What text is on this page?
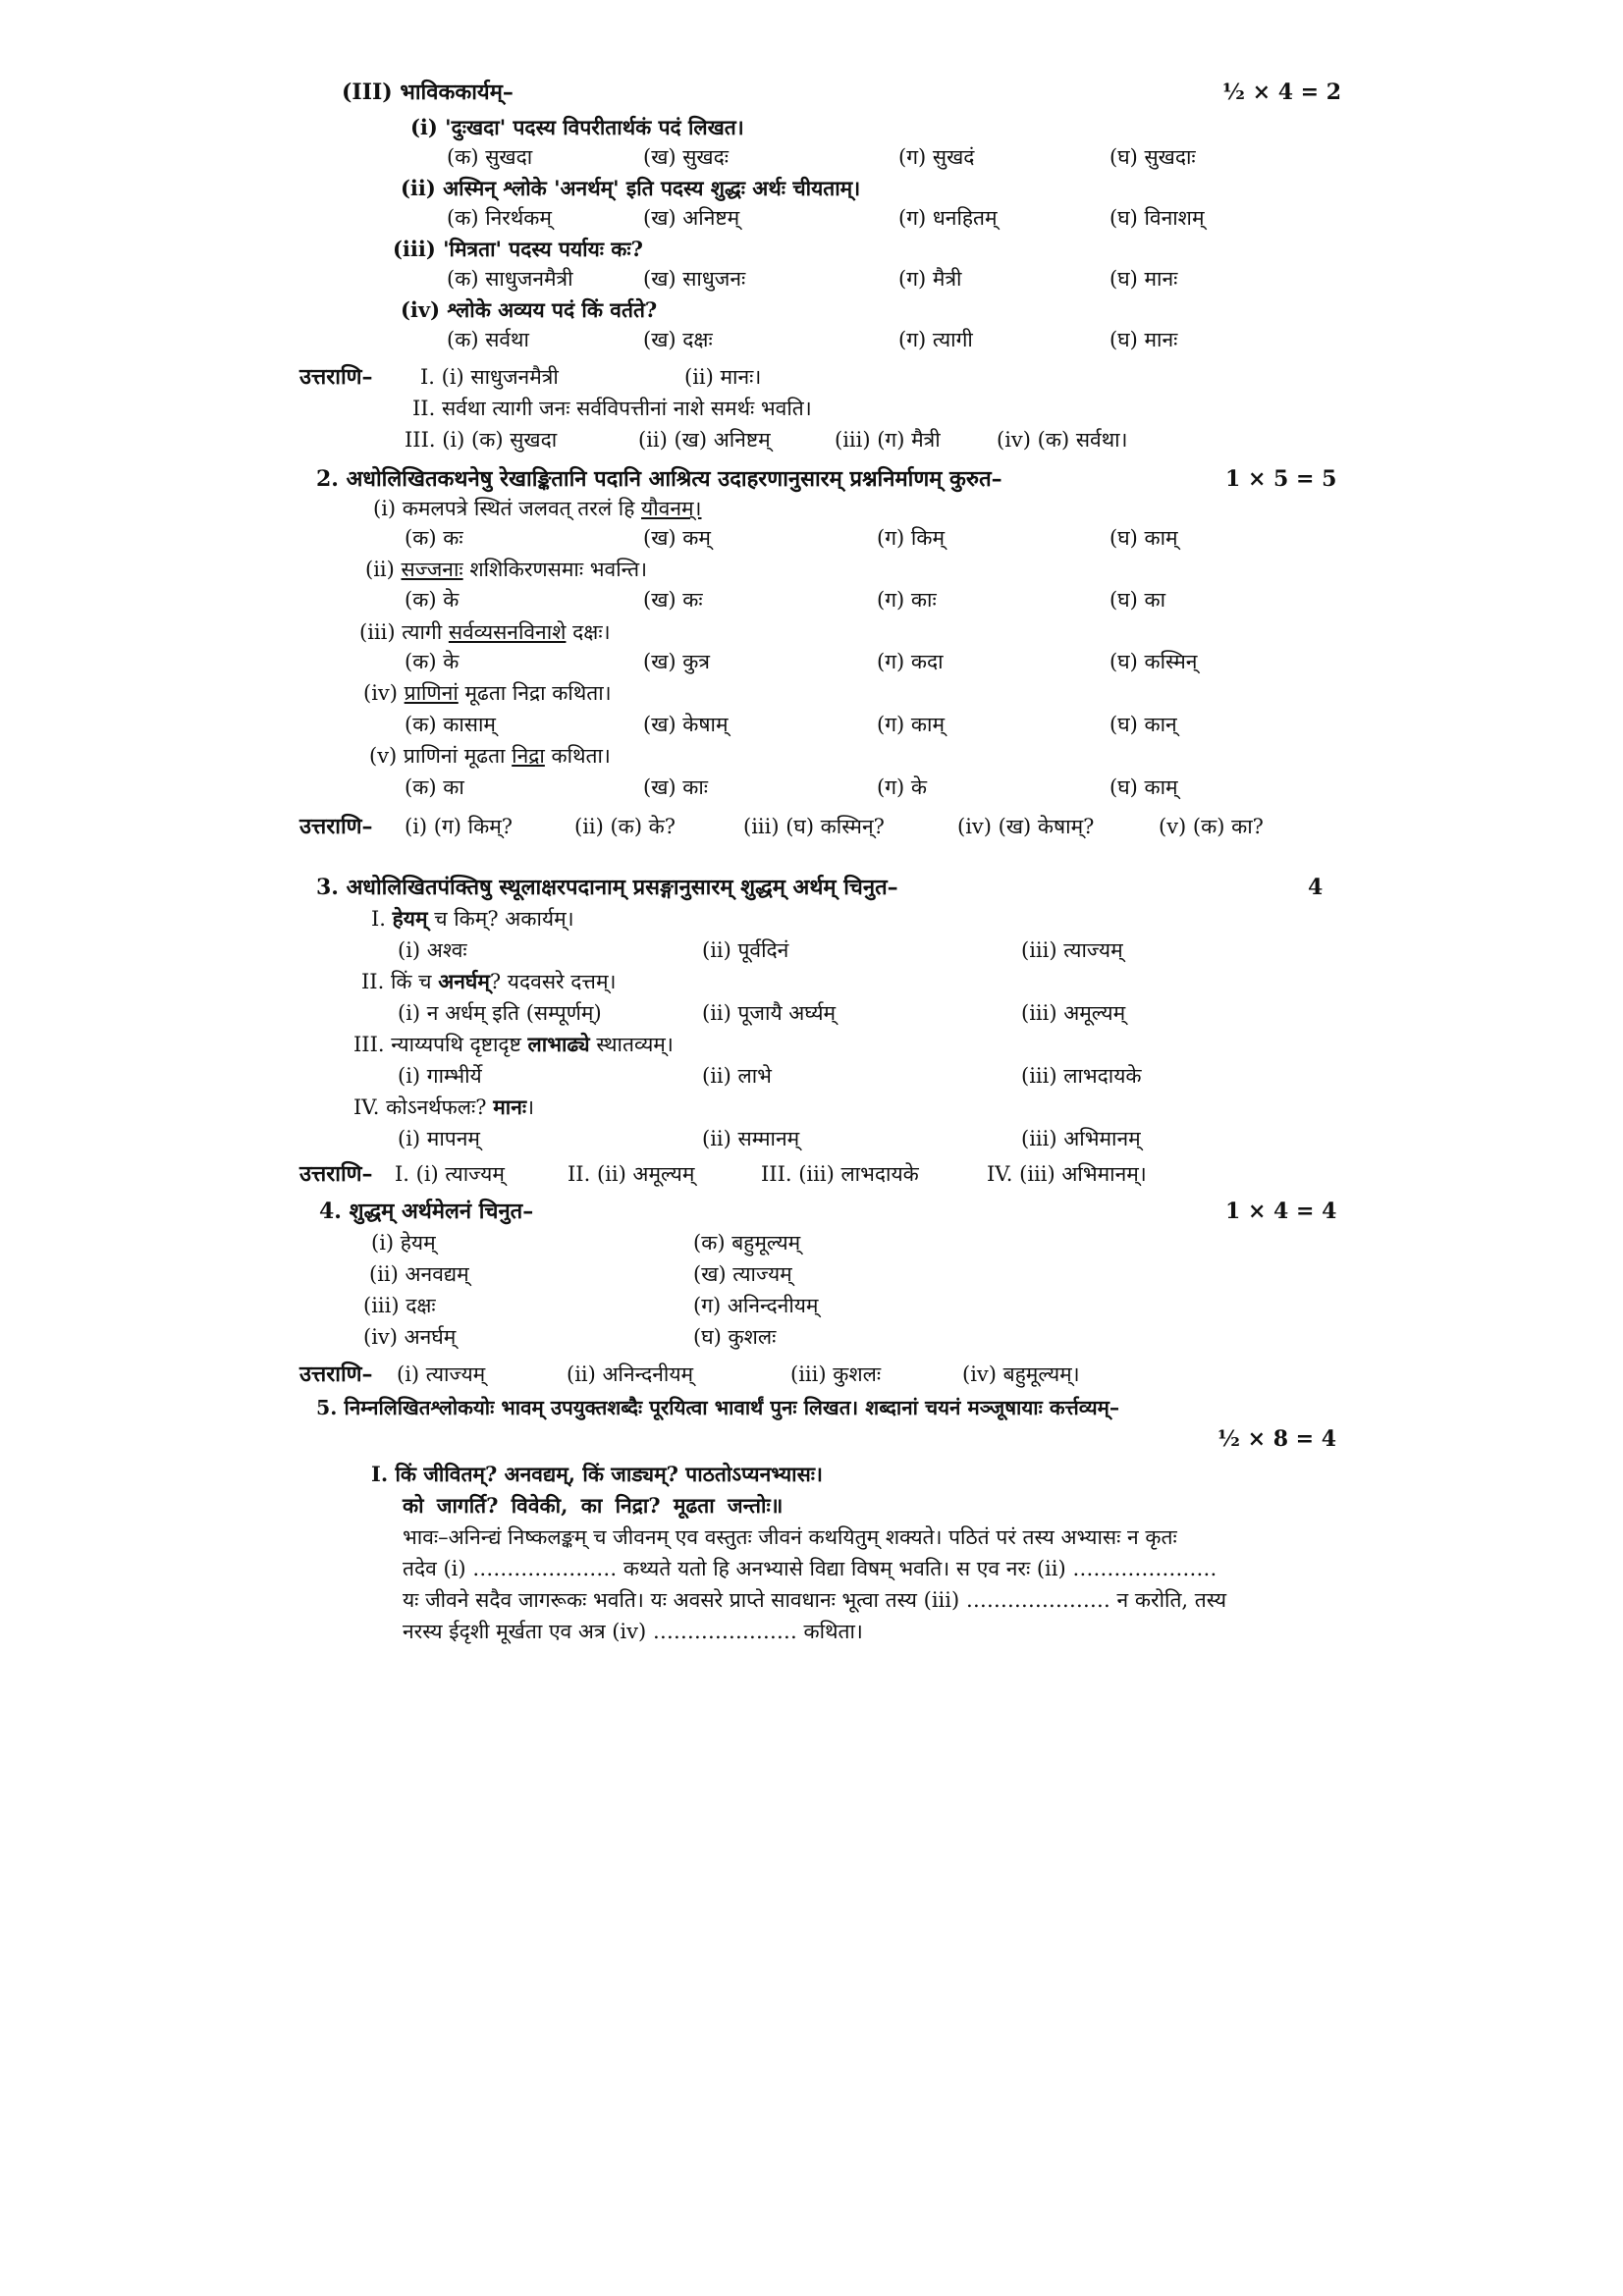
(III) भाविककार्यम्–	½ × 4 = 2
(i) 'दुःखदा' पदस्य विपरीतार्थकं पदं लिखत।
(क) सुखदा	(ख) सुखदः	(ग) सुखदं	(घ) सुखदाः
(ii) अस्मिन् श्लोके 'अनर्थम्' इति पदस्य शुद्धः अर्थः चीयताम्।
(क) निरर्थकम्	(ख) अनिष्टम्	(ग) धनहितम्	(घ) विनाशम्
(iii) 'मित्रता' पदस्य पर्यायः कः?
(क) साधुजनमैत्री	(ख) साधुजनः	(ग) मैत्री	(घ) मानः
(iv) श्लोके अव्यय पदं किं वर्तते?
(क) सर्वथा	(ख) दक्षः	(ग) त्यागी	(घ) मानः
उत्तराणि– I. (i) साधुजनमैत्री	(ii) मानः।
II. सर्वथा त्यागी जनः सर्वविपत्तीनां नाशे समर्थः भवति।
III. (i) (क) सुखदा	(ii) (ख) अनिष्टम्	(iii) (ग) मैत्री	(iv) (क) सर्वथा।
2. अधोलिखितकथनेषु रेखाङ्कितानि पदानि आश्रित्य उदाहरणानुसारम् प्रश्ननिर्माणम् कुरुत–	1 × 5 = 5
(i) कमलपत्रे स्थितं जलवत् तरलं हि यौवनम्।
(क) कः	(ख) कम्	(ग) किम्	(घ) काम्
(ii) सज्जनाः शशिकिरणसमाः भवन्ति।
(क) के	(ख) कः	(ग) काः	(घ) का
(iii) त्यागी सर्वव्यसनविनाशे दक्षः।
(क) के	(ख) कुत्र	(ग) कदा	(घ) कस्मिन्
(iv) प्राणिनां मूढता निद्रा कथिता।
(क) कासाम्	(ख) केषाम्	(ग) काम्	(घ) कान्
(v) प्राणिनां मूढता निद्रा कथिता।
(क) का	(ख) काः	(ग) के	(घ) काम्
उत्तराणि– (i) (ग) किम्?	(ii) (क) के?	(iii) (घ) कस्मिन्?	(iv) (ख) केषाम्?	(v) (क) का?
3. अधोलिखितपंक्तिषु स्थूलाक्षरपदानाम् प्रसङ्गानुसारम् शुद्धम् अर्थम् चिनुत–	4
I. हेयम् च किम्? अकार्यम्।
(i) अश्वः	(ii) पूर्वदिनं	(iii) त्याज्यम्
II. किं च अनर्घम्? यदवसरे दत्तम्।
(i) न अर्धम् इति (सम्पूर्णम्)	(ii) पूजायै अर्घ्यम्	(iii) अमूल्यम्
III. न्याय्यपथि दृष्टादृष्ट लाभाढ्ये स्थातव्यम्।
(i) गाम्भीर्ये	(ii) लाभे	(iii) लाभदायके
IV. कोऽनर्थफलः? मानः।
(i) मापनम्	(ii) सम्मानम्	(iii) अभिमानम्
उत्तराणि– I. (i) त्याज्यम्	II. (ii) अमूल्यम्	III. (iii) लाभदायके	IV. (iii) अभिमानम्।
4. शुद्धम् अर्थमेलनं चिनुत–	1 × 4 = 4
(i) हेयम्	(क) बहुमूल्यम्
(ii) अनवद्यम्	(ख) त्याज्यम्
(iii) दक्षः	(ग) अनिन्दनीयम्
(iv) अनर्घम्	(घ) कुशलः
उत्तराणि– (i) त्याज्यम्	(ii) अनिन्दनीयम्	(iii) कुशलः	(iv) बहुमूल्यम्।
5. निम्नलिखितश्लोकयोः भावम् उपयुक्तशब्दैः पूरयित्वा भावार्थं पुनः लिखत। शब्दानां चयनं मञ्जूषायाः कर्त्तव्यम्–
½ × 8 = 4
I. किं जीवितम्? अनवद्यम्, किं जाड्यम्? पाठतोऽप्यनभ्यासः।
को जागर्ति? विवेकी, का निद्रा? मूढता जन्तोः॥
भावः–अनिन्द्यं निष्कलङ्कम् च जीवनम् एव वस्तुतः जीवनं कथयितुम् शक्यते। पठितं परं तस्य अभ्यासः न कृतः
तदेव (i) ………………… कथ्यते यतो हि अनभ्यासे विद्या विषम् भवति। स एव नरः (ii) …………………
यः जीवने सदैव जागरूकः भवति। यः अवसरे प्राप्ते सावधानः भूत्वा तस्य (iii) ………………… न करोति, तस्य
नरस्य ईदृशी मूर्खता एव अत्र (iv) ………………… कथिता।
